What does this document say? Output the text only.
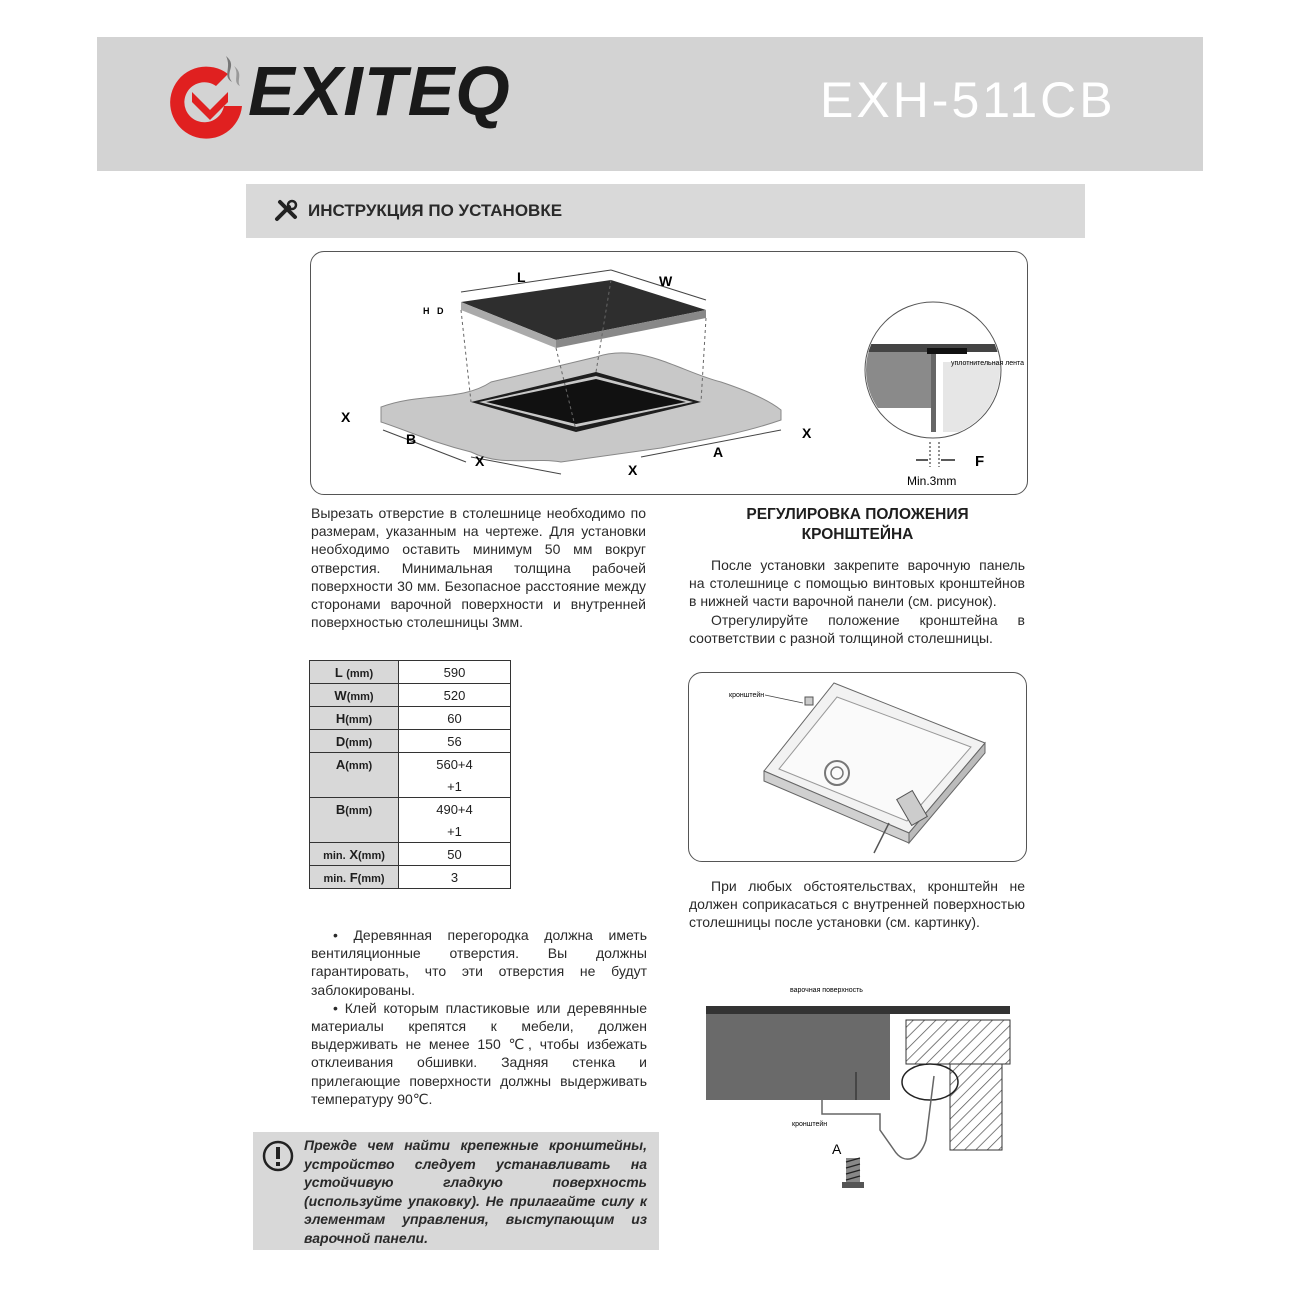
EXITEQ	EXH-511CB
ИНСТРУКЦИЯ ПО УСТАНОВКЕ
L	W
H D
X
B
X
X
A
X
уплотнительная лента
F
Min.3mm
Вырезать отверстие в столешнице необходимо по размерам, указанным на чертеже. Для установки необходимо оставить минимум 50 мм вокруг отверстия. Минимальная толщина рабочей поверхности 30 мм. Безопасное расстояние между сторонами варочной поверхности и внутренней поверхностью столешницы 3мм.
L (mm)	590
W(mm)	520
H(mm)	60
D(mm)	56
A(mm)	560+4
	+1
B(mm)	490+4
	+1
min. X(mm)	50
min. F(mm)	3

• Деревянная перегородка должна иметь вентиляционные отверстия. Вы должны гарантировать, что эти отверстия не будут заблокированы.

• Клей которым пластиковые или деревянные материалы крепятся к мебели, должен выдерживать не менее 150 ℃, чтобы избежать отклеивания обшивки. Задняя стенка и прилегающие поверхности должны выдерживать температуру 90℃.

Прежде чем найти крепежные кронштейны, устройство следует устанавливать на устойчивую гладкую поверхность (используйте упаковку). Не прилагайте силу к элементам управления, выступающим из варочной панели.
РЕГУЛИРОВКА ПОЛОЖЕНИЯ
КРОНШТЕЙНА
После установки закрепите варочную панель на столешнице с помощью винтовых кронштейнов в нижней части варочной панели (см. рисунок).
Отрегулируйте положение кронштейна в соответствии с разной толщиной столешницы.
кронштейн
При любых обстоятельствах, кронштейн не должен соприкасаться с внутренней поверхностью столешницы после установки (см. картинку).
варочная поверхность
кронштейн
A
